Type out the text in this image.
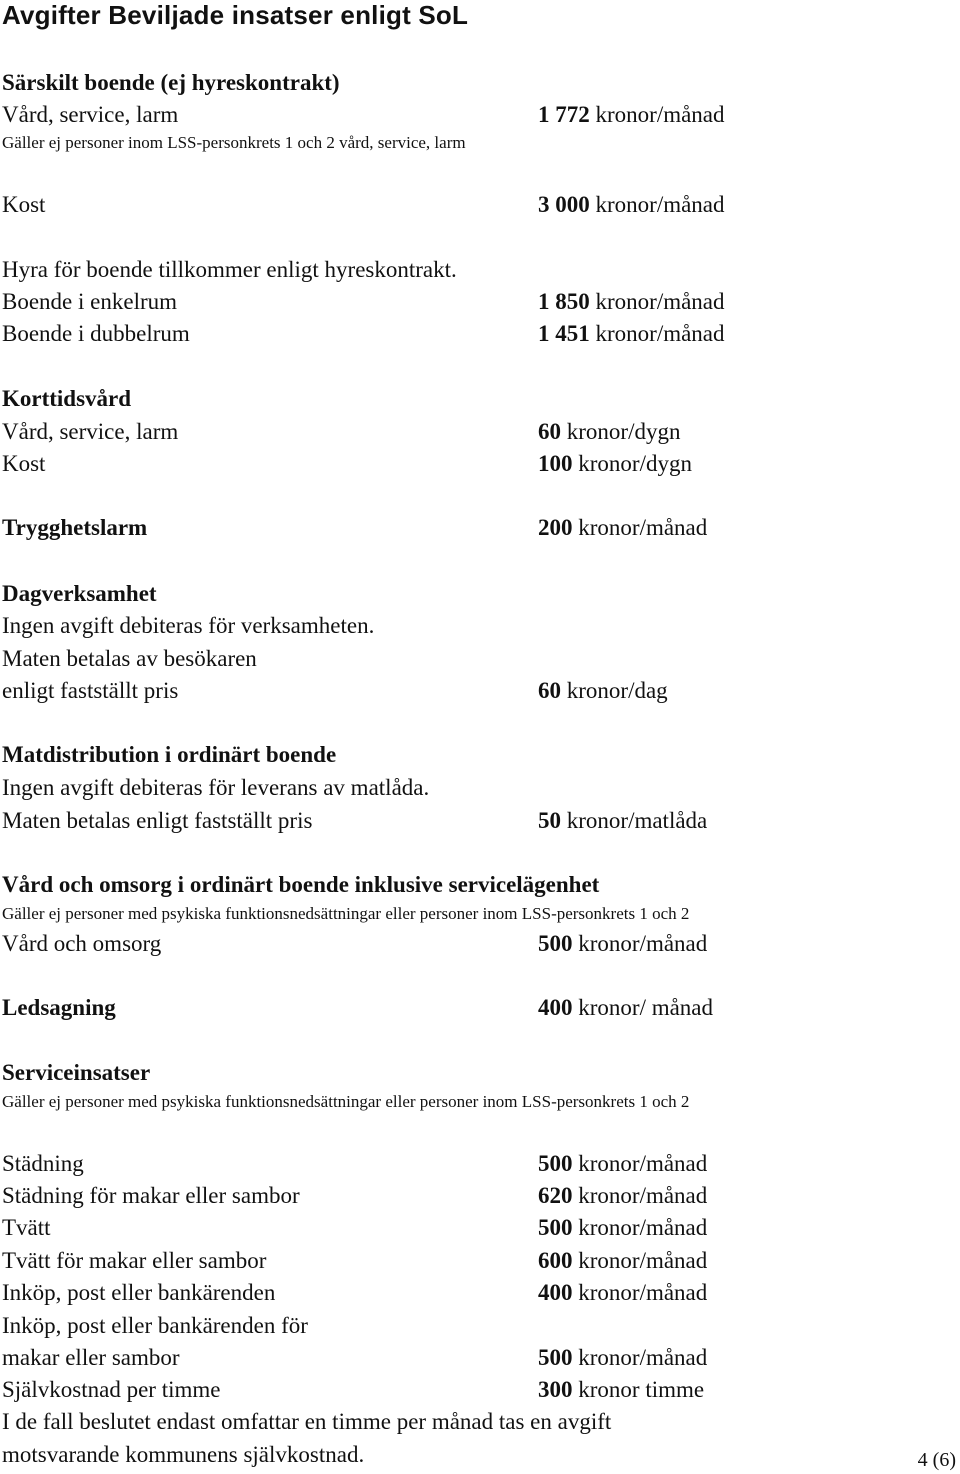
Avgifter Beviljade insatser enligt SoL
Särskilt boende (ej hyreskontrakt)
Vård, service, larm	1 772 kronor/månad
Gäller ej personer inom LSS-personkrets 1 och 2 vård, service, larm
Kost	3 000 kronor/månad
Hyra för boende tillkommer enligt hyreskontrakt.
Boende i enkelrum	1 850 kronor/månad
Boende i dubbelrum	1 451 kronor/månad
Korttidsvård
Vård, service, larm	60 kronor/dygn
Kost	100 kronor/dygn
Trygghetslarm	200 kronor/månad
Dagverksamhet
Ingen avgift debiteras för verksamheten.
Maten betalas av besökaren
enligt fastställt pris	60 kronor/dag
Matdistribution i ordinärt boende
Ingen avgift debiteras för leverans av matlåda.
Maten betalas enligt fastställt pris	50 kronor/matlåda
Vård och omsorg i ordinärt boende inklusive servicelägenhet
Gäller ej personer med psykiska funktionsnedsättningar eller personer inom LSS-personkrets 1 och 2
Vård och omsorg	500 kronor/månad
Ledsagning	400 kronor/ månad
Serviceinsatser
Gäller ej personer med psykiska funktionsnedsättningar eller personer inom LSS-personkrets 1 och 2
Städning	500 kronor/månad
Städning för makar eller sambor	620 kronor/månad
Tvätt	500 kronor/månad
Tvätt för makar eller sambor	600 kronor/månad
Inköp, post eller bankärenden	400 kronor/månad
Inköp, post eller bankärenden för
makar eller sambor	500 kronor/månad
Självkostnad per timme	300 kronor timme
I de fall beslutet endast omfattar en timme per månad tas en avgift
motsvarande kommunens självkostnad.	4 (6)
